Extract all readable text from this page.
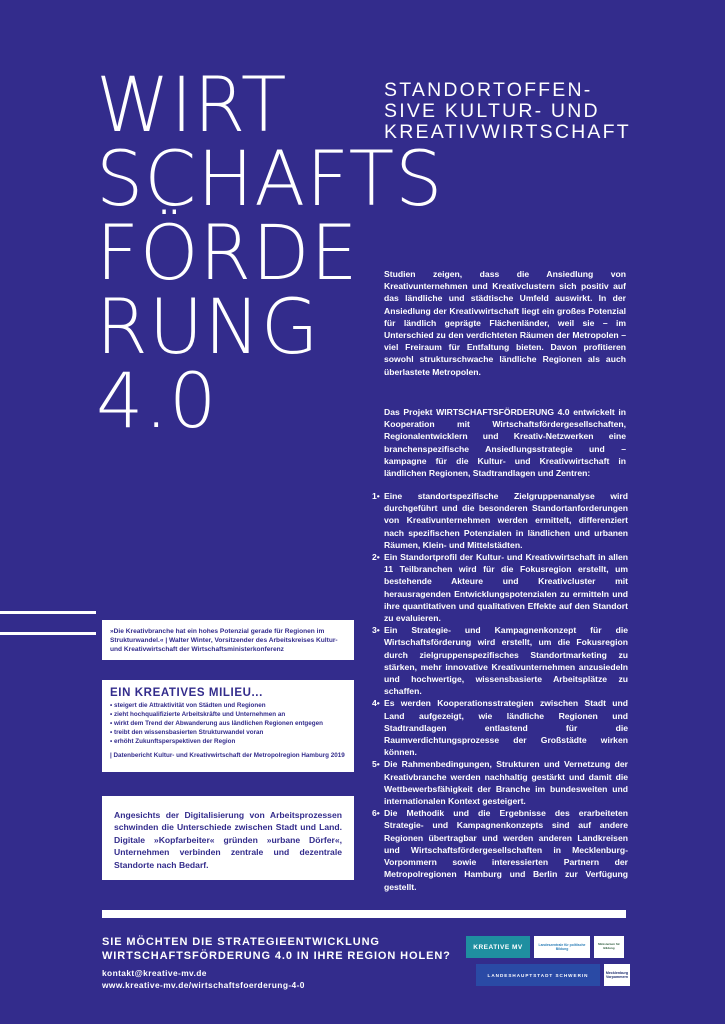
WIRT
SCHAFTS
FÖRDE
RUNG
4.0
STANDORTOFFEN-
SIVE KULTUR- UND
KREATIVWIRTSCHAFT

Studien zeigen, dass die Ansiedlung von Kreativunternehmen und Kreativclustern sich positiv auf das ländliche und städtische Umfeld auswirkt. In der Ansiedlung der Kreativwirtschaft liegt ein großes Potenzial für ländlich geprägte Flächenländer, weil sie – im Unterschied zu den verdichteten Räumen der Metropolen – viel Freiraum für Entfaltung bieten. Davon profitieren sowohl strukturschwache ländliche Regionen als auch überlastete Metropolen.

Das Projekt WIRTSCHAFTSFÖRDERUNG 4.0 entwickelt in Kooperation mit Wirtschaftsfördergesellschaften, Regionalentwicklern und Kreativ-Netzwerken eine branchenspezifische Ansiedlungsstrategie und – kampagne für die Kultur- und Kreativwirtschaft in ländlichen Regionen, Stadtrandlagen und Zentren:

1• Eine standortspezifische Zielgruppenanalyse wird durchgeführt und die besonderen Standortanforderungen von Kreativunternehmen werden ermittelt, differenziert nach spezifischen Potenzialen in ländlichen und urbanen Räumen, Klein- und Mittelstädten.
2• Ein Standortprofil der Kultur- und Kreativwirtschaft in allen 11 Teilbranchen wird für die Fokusregion erstellt, um bestehende Akteure und Kreativcluster mit herausragenden Entwicklungspotenzialen zu ermitteln und ihre quantitativen und qualitativen Effekte auf den Standort zu evaluieren.
3• Ein Strategie- und Kampagnenkonzept für die Wirtschaftsförderung wird erstellt, um die Fokusregion durch zielgruppenspezifisches Standortmarketing zu stärken, mehr innovative Kreativunternehmen anzusiedeln und hochwertige, wissensbasierte Arbeitsplätze zu schaffen.
4• Es werden Kooperationsstrategien zwischen Stadt und Land aufgezeigt, wie ländliche Regionen und Stadtrandlagen entlastend für die Raumverdichtungsprozesse der Großstädte wirken können.
5• Die Rahmenbedingungen, Strukturen und Vernetzung der Kreativbranche werden nachhaltig gestärkt und damit die Wettbewerbsfähigkeit der Branche im bundesweiten und internationalen Kontext gesteigert.
6• Die Methodik und die Ergebnisse des erarbeiteten Strategie- und Kampagnenkonzepts sind auf andere Regionen übertragbar und werden anderen Landkreisen und Wirtschaftsfördergesellschaften in Mecklenburg-Vorpommern sowie interessierten Partnern der Metropolregionen Hamburg und Berlin zur Verfügung gestellt.

»Die Kreativbranche hat ein hohes Potenzial gerade für Regionen im Strukturwandel.« | Walter Winter, Vorsitzender des Arbeitskreises Kultur-und Kreativwirtschaft der Wirtschaftsministerkonferenz

EIN KREATIVES MILIEU...
• steigert die Attraktivität von Städten und Regionen
• zieht hochqualifizierte Arbeitskräfte und Unternehmen an
• wirkt dem Trend der Abwanderung aus ländlichen Regionen entgegen
• treibt den wissensbasierten Strukturwandel voran
• erhöht Zukunftsperspektiven der Region
| Datenbericht Kultur- und Kreativwirtschaft der Metropolregion Hamburg 2019

Angesichts der Digitalisierung von Arbeitsprozessen schwinden die Unterschiede zwischen Stadt und Land. Digitale »Kopfarbeiter« gründen »urbane Dörfer«, Unternehmen verbinden zentrale und dezentrale Standorte nach Bedarf.

SIE MÖCHTEN DIE STRATEGIEENTWICKLUNG WIRTSCHAFTSFÖRDERUNG 4.0 IN IHRE REGION HOLEN?
kontakt@kreative-mv.de
www.kreative-mv.de/wirtschaftsfoerderung-4-0
KREATIVE MV	Landeszentrale für politische Bildung
Ministerium für Bildung
LANDESHAUPTSTADT SCHWERIN	Mecklenburg Vorpommern
